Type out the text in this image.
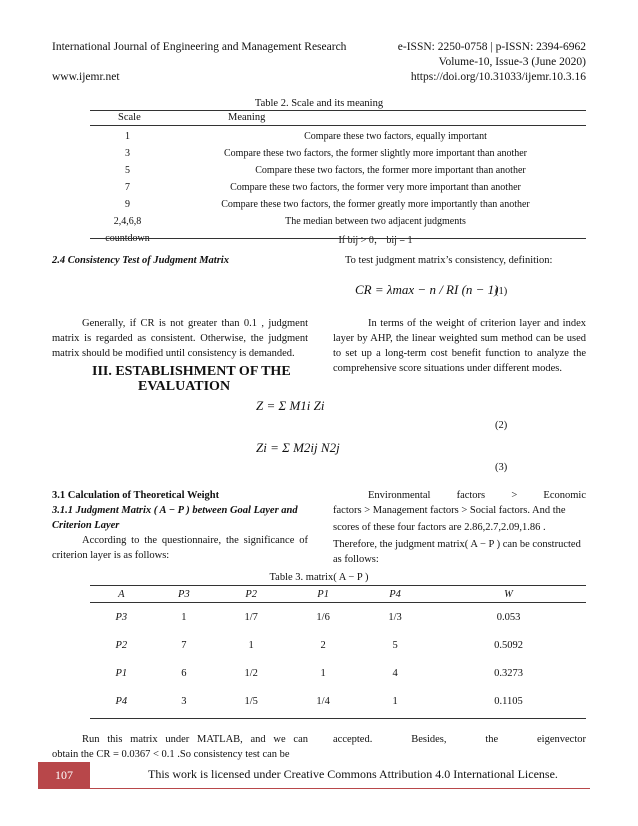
International Journal of Engineering and Management Research	e-ISSN: 2250-0758 | p-ISSN: 2394-6962
Volume-10, Issue-3 (June 2020)
www.ijemr.net	https://doi.org/10.31033/ijemr.10.3.16
Table 2. Scale and its meaning
Scale	Meaning
1	Compare these two factors, equally important
3	Compare these two factors, the former slightly more important than another
5	Compare these two factors, the former more important than another
7	Compare these two factors, the former very more important than another
9	Compare these two factors, the former greatly more importantly than another
2,4,6,8	The median between two adjacent judgments
countdown	If bij > 0， bij = 1
2.4 Consistency Test of Judgment Matrix	To test judgment matrix’s consistency, definition:
CR = λmax − n / RI (n − 1)
(1)
Generally, if CR is not greater than 0.1 , judgment matrix is regarded as consistent. Otherwise, the judgment matrix should be modified until consistency is demanded.
In terms of the weight of criterion layer and index layer by AHP, the linear weighted sum method can be used to set up a long-term cost benefit function to analyze the comprehensive score situations under different modes.
III. ESTABLISHMENT OF THE
EVALUATION
Z = Σ M1i Zi
(2)
Zi = Σ M2ij N2j
(3)
3.1 Calculation of Theoretical Weight
3.1.1 Judgment Matrix ( A − P ) between Goal Layer and
Criterion Layer
According to the questionnaire, the significance of criterion layer is as follows:
Environmental factors > Economic
factors > Management factors > Social factors. And the
scores of these four factors are 2.86,2.7,2.09,1.86 .
Therefore, the judgment matrix( A − P ) can be constructed
as follows:
Table 3. matrix( A − P )
A	P3	P2	P1	P4	W
P3	1	1/7	1/6	1/3	0.053
P2	7	1	2	5	0.5092
P1	6	1/2	1	4	0.3273
P4	3	1/5	1/4	1	0.1105
Run this matrix under MATLAB, and we can
obtain the CR = 0.0367 < 0.1 .So consistency test can be
accepted. Besides, the eigenvector
107	This work is licensed under Creative Commons Attribution 4.0 International License.
